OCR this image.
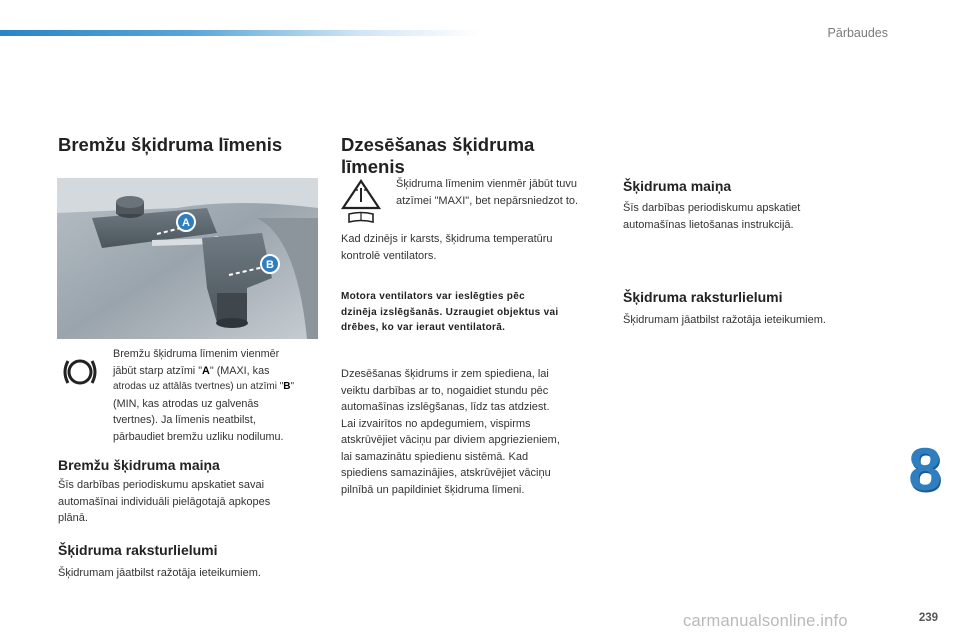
Pārbaudes
Bremžu šķidruma līmenis
A
B
Bremžu šķidruma līmenim vienmēr
jābūt starp atzīmi "A" (MAXI, kas
atrodas uz attālās tvertnes) un atzīmi "B"
(MIN, kas atrodas uz galvenās
tvertnes). Ja līmenis neatbilst,
pārbaudiet bremžu uzliku nodilumu.
Bremžu šķidruma maiņa
Šīs darbības periodiskumu apskatiet savai
automašīnai individuāli pielāgotajā apkopes
plānā.
Šķidruma raksturlielumi
Šķidrumam jāatbilst ražotāja ieteikumiem.
Dzesēšanas šķidruma
līmenis
Šķidruma līmenim vienmēr jābūt tuvu
atzīmei "MAXI", bet nepārsniedzot to.
Kad dzinējs ir karsts, šķidruma temperatūru
kontrolē ventilators.
Motora ventilators var ieslēgties pēc
dzinēja izslēgšanās. Uzraugiet objektus vai
drēbes, ko var ieraut ventilatorā.
Dzesēšanas šķidrums ir zem spiediena, lai
veiktu darbības ar to, nogaidiet stundu pēc
automašīnas izslēgšanas, līdz tas atdziest.
Lai izvairītos no apdegumiem, vispirms
atskrūvējiet vāciņu par diviem apgriezieniem,
lai samazinātu spiedienu sistēmā. Kad
spiediens samazinājies, atskrūvējiet vāciņu
pilnībā un papildiniet šķidruma līmeni.
Šķidruma maiņa
Šīs darbības periodiskumu apskatiet
automašīnas lietošanas instrukcijā.
Šķidruma raksturlielumi
Šķidrumam jāatbilst ražotāja ieteikumiem.
8
carmanualsonline.info	239
